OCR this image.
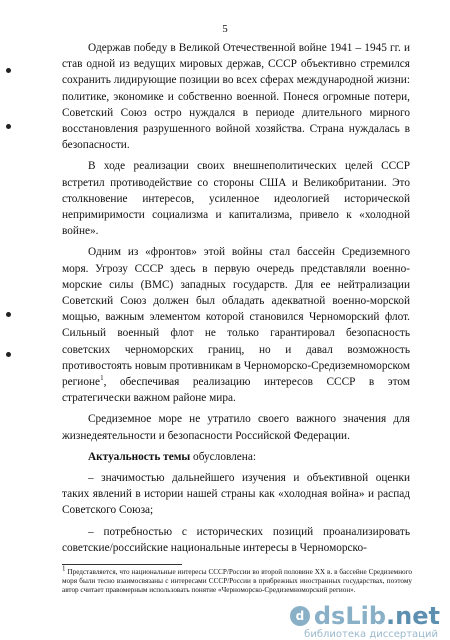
5

Одержав победу в Великой Отечественной войне 1941 – 1945 гг. и став одной из ведущих мировых держав, СССР объективно стремился сохранить лидирующие позиции во всех сферах международной жизни: политике, экономике и собственно военной. Понеся огромные потери, Советский Союз остро нуждался в периоде длительного мирного восстановления разрушенного войной хозяйства. Страна нуждалась в безопасности.

В ходе реализации своих внешнеполитических целей СССР встретил противодействие со стороны США и Великобритании. Это столкновение интересов, усиленное идеологией исторической непримиримости социализма и капитализма, привело к «холодной войне».

Одним из «фронтов» этой войны стал бассейн Средиземного моря. Угрозу СССР здесь в первую очередь представляли военно-морские силы (ВМС) западных государств. Для ее нейтрализации Советский Союз должен был обладать адекватной военно-морской мощью, важным элементом которой становился Черноморский флот. Сильный военный флот не только гарантировал безопасность советских черноморских границ, но и давал возможность противостоять новым противникам в Черноморско-Средиземноморском регионе$^1$, обеспечивая реализацию интересов СССР в этом стратегически важном районе мира.

Средиземное море не утратило своего важного значения для жизнедеятельности и безопасности Российской Федерации.

Актуальность темы обусловлена:

– значимостью дальнейшего изучения и объективной оценки таких явлений в истории нашей страны как «холодная война» и распад Советского Союза;

– потребностью с исторических позиций проанализировать советские/российские национальные интересы в Черноморско-

$^1$ Представляется, что национальные интересы СССР/России во второй половине XX в. в бассейне Средиземного моря были тесно взаимосвязаны с интересами СССР/России в прибрежных иностранных государствах, поэтому автор считает правомерным использовать понятие «Черноморско-Средиземноморский регион».
d dsLib.net
библиотека диссертаций
